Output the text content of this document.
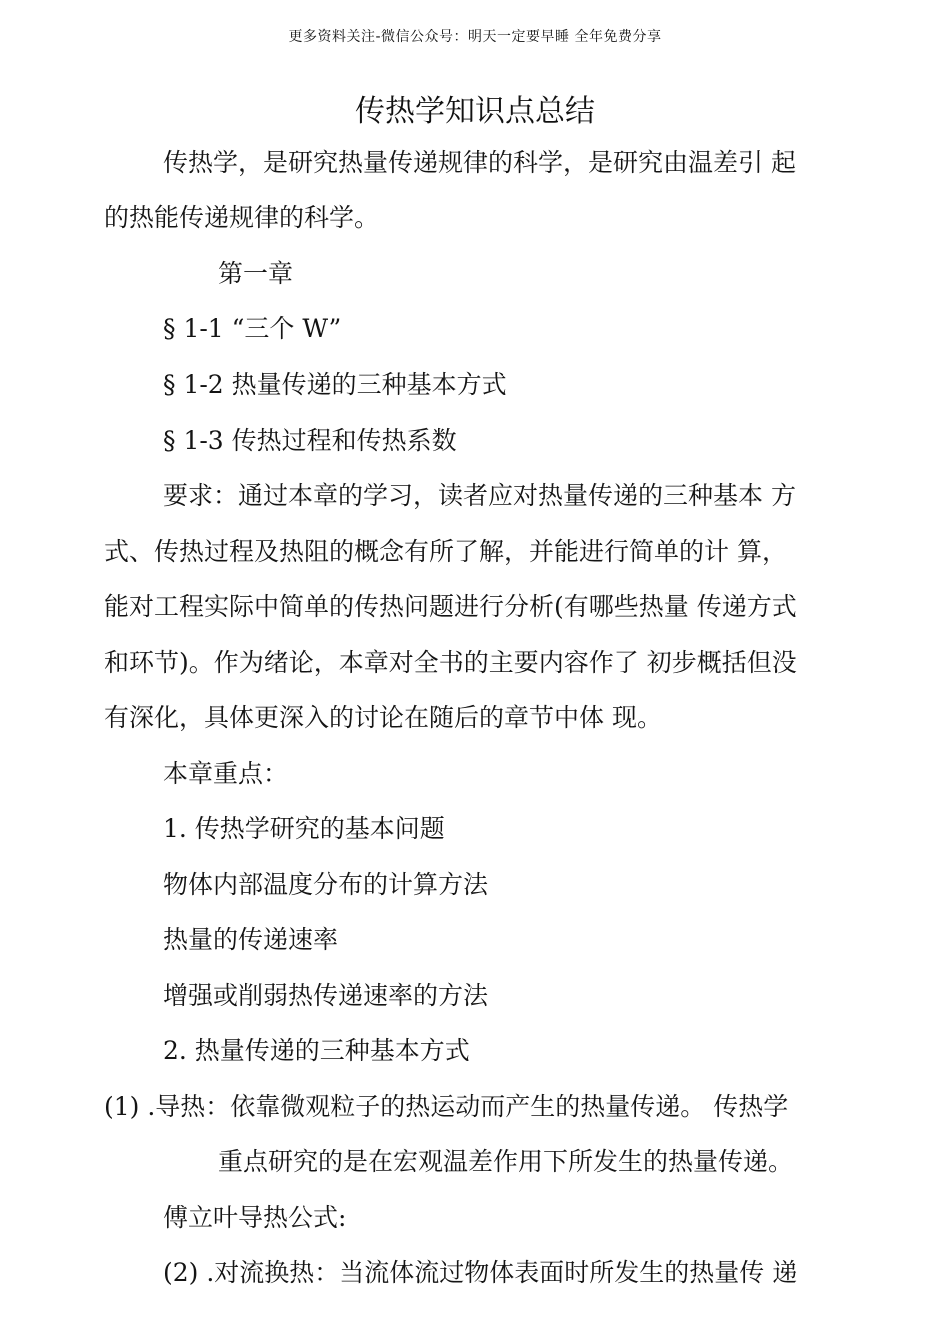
更多资料关注-微信公众号：明天一定要早睡 全年免费分享
传热学知识点总结
传热学，是研究热量传递规律的科学，是研究由温差引 起
的热能传递规律的科学。
第一章
§ 1-1 “三个 W”
§ 1-2 热量传递的三种基本方式
§ 1-3 传热过程和传热系数
要求：通过本章的学习，读者应对热量传递的三种基本 方
式、传热过程及热阻的概念有所了解，并能进行简单的计 算，
能对工程实际中简单的传热问题进行分析(有哪些热量 传递方式
和环节)。作为绪论，本章对全书的主要内容作了 初步概括但没
有深化，具体更深入的讨论在随后的章节中体 现。
本章重点：
1. 传热学研究的基本问题
物体内部温度分布的计算方法
热量的传递速率
增强或削弱热传递速率的方法
2. 热量传递的三种基本方式
(1) .导热：依靠微观粒子的热运动而产生的热量传递。 传热学
重点研究的是在宏观温差作用下所发生的热量传递。
傅立叶导热公式:
(2) .对流换热：当流体流过物体表面时所发生的热量传 递
